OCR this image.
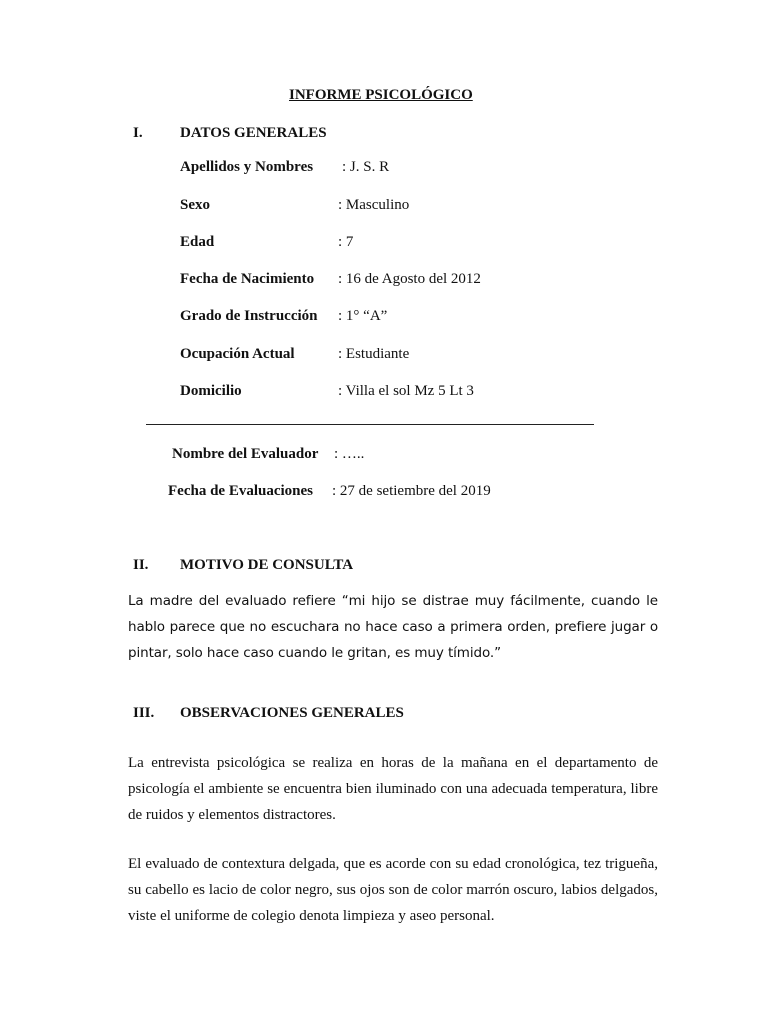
INFORME PSICOLÓGICO
I. DATOS GENERALES
Apellidos y Nombres : J. S. R
Sexo	: Masculino
Edad	: 7
Fecha de Nacimiento : 16 de Agosto del 2012
Grado de Instrucción : 1° “A”
Ocupación Actual	: Estudiante
Domicilio	: Villa el sol Mz 5 Lt 3
Nombre del Evaluador : …..
Fecha de Evaluaciones : 27 de setiembre del 2019
II. MOTIVO DE CONSULTA
La madre del evaluado refiere “mi hijo se distrae muy fácilmente, cuando le hablo parece que no escuchara no hace caso a primera orden, prefiere jugar o pintar, solo hace caso cuando le gritan, es muy tímido.”
III. OBSERVACIONES GENERALES
La entrevista psicológica se realiza en horas de la mañana en el departamento de psicología el ambiente se encuentra bien iluminado con una adecuada temperatura, libre de ruidos y elementos distractores.
El evaluado de contextura delgada, que es acorde con su edad cronológica, tez trigueña, su cabello es lacio de color negro, sus ojos son de color marrón oscuro, labios delgados, viste el uniforme de colegio denota limpieza y aseo personal.
